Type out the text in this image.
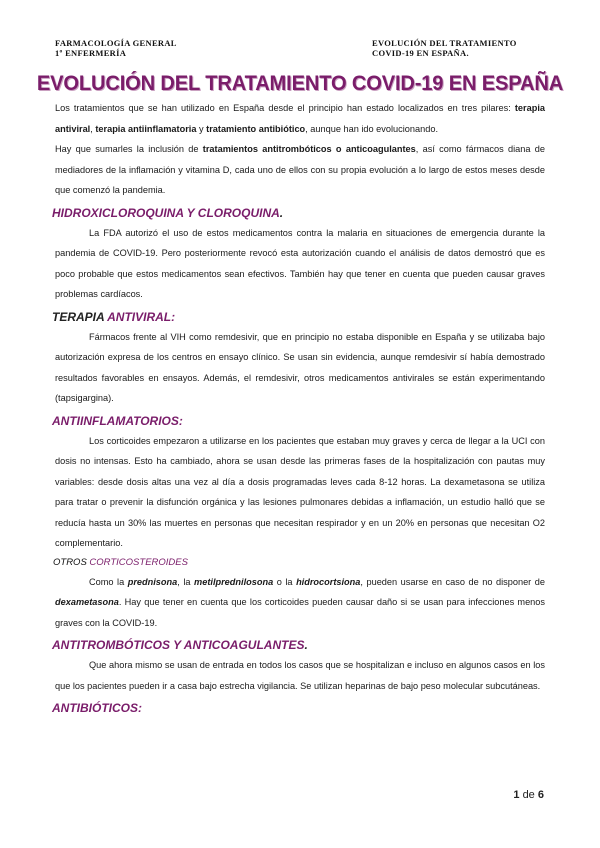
FARMACOLOGÍA GENERAL
1º ENFERMERÍA
EVOLUCIÓN DEL TRATAMIENTO
COVID-19 EN ESPAÑA.
EVOLUCIÓN DEL TRATAMIENTO COVID-19 EN ESPAÑA

Los tratamientos que se han utilizado en España desde el principio han estado localizados en tres pilares: terapia antiviral, terapia antiinflamatoria y tratamiento antibiótico, aunque han ido evolucionando.

Hay que sumarles la inclusión de tratamientos antitrombóticos o anticoagulantes, así como fármacos diana de mediadores de la inflamación y vitamina D, cada uno de ellos con su propia evolución a lo largo de estos meses desde que comenzó la pandemia.

HIDROXICLOROQUINA Y CLOROQUINA.

La FDA autorizó el uso de estos medicamentos contra la malaria en situaciones de emergencia durante la pandemia de COVID-19. Pero posteriormente revocó esta autorización cuando el análisis de datos demostró que es poco probable que estos medicamentos sean efectivos. También hay que tener en cuenta que pueden causar graves problemas cardíacos.

TERAPIA ANTIVIRAL:

Fármacos frente al VIH como remdesivir, que en principio no estaba disponible en España y se utilizaba bajo autorización expresa de los centros en ensayo clínico. Se usan sin evidencia, aunque remdesivir sí había demostrado resultados favorables en ensayos. Además, el remdesivir, otros medicamentos antivirales se están experimentando (tapsigargina).

ANTIINFLAMATORIOS:

Los corticoides empezaron a utilizarse en los pacientes que estaban muy graves y cerca de llegar a la UCI con dosis no intensas. Esto ha cambiado, ahora se usan desde las primeras fases de la hospitalización con pautas muy variables: desde dosis altas una vez al día a dosis programadas leves cada 8-12 horas. La dexametasona se utiliza para tratar o prevenir la disfunción orgánica y las lesiones pulmonares debidas a inflamación, un estudio halló que se reducía hasta un 30% las muertes en personas que necesitan respirador y en un 20% en personas que necesitan O2 complementario.

OTROS CORTICOSTEROIDES

Como la prednisona, la metilprednilosona o la hidrocortsiona, pueden usarse en caso de no disponer de dexametasona. Hay que tener en cuenta que los corticoides pueden causar daño si se usan para infecciones menos graves con la COVID-19.

ANTITROMBÓTICOS Y ANTICOAGULANTES.

Que ahora mismo se usan de entrada en todos los casos que se hospitalizan e incluso en algunos casos en los que los pacientes pueden ir a casa bajo estrecha vigilancia. Se utilizan heparinas de bajo peso molecular subcutáneas.

ANTIBIÓTICOS:
1 de 6
